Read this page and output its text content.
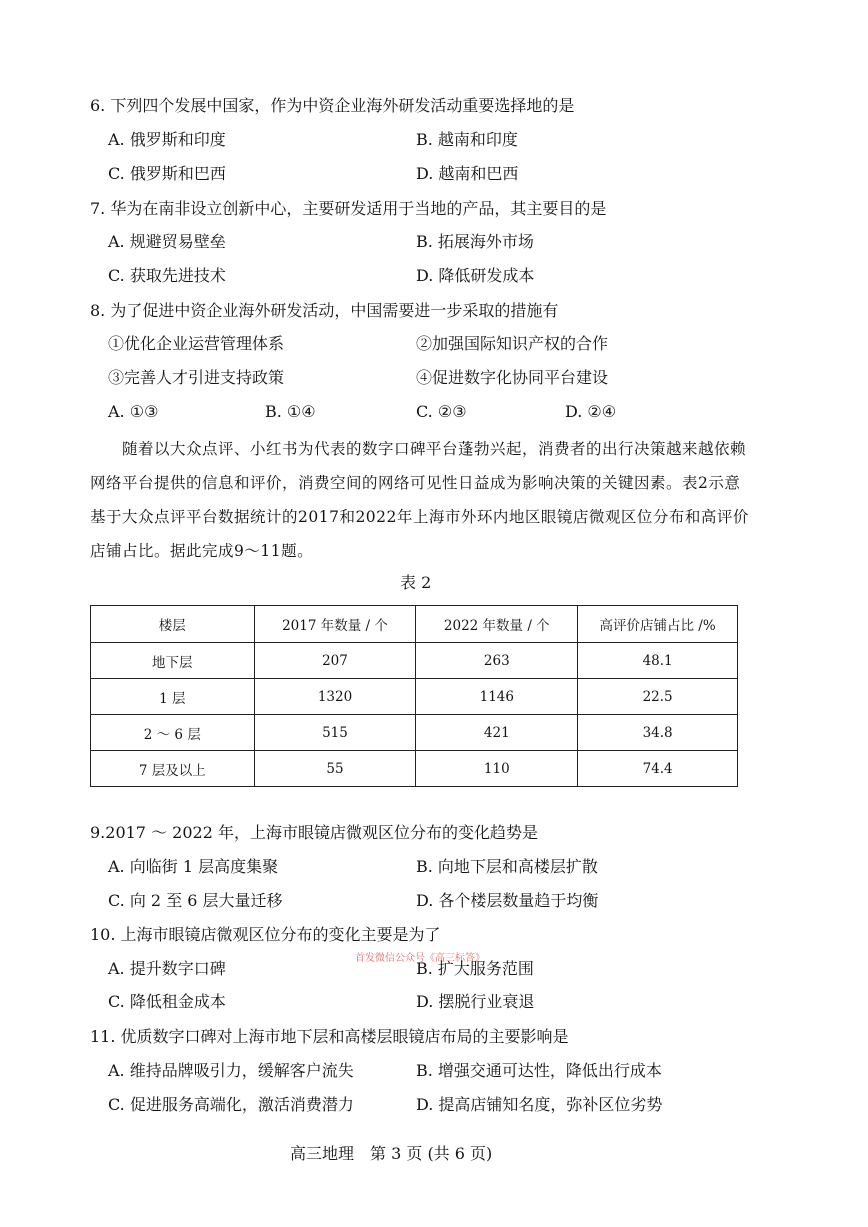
6. 下列四个发展中国家，作为中资企业海外研发活动重要选择地的是
A. 俄罗斯和印度	B. 越南和印度
C. 俄罗斯和巴西	D. 越南和巴西
7. 华为在南非设立创新中心，主要研发适用于当地的产品，其主要目的是
A. 规避贸易壁垒	B. 拓展海外市场
C. 获取先进技术	D. 降低研发成本
8. 为了促进中资企业海外研发活动，中国需要进一步采取的措施有
①优化企业运营管理体系	②加强国际知识产权的合作
③完善人才引进支持政策	④促进数字化协同平台建设
A. ①③	B. ①④	C. ②③	D. ②④
随着以大众点评、小红书为代表的数字口碑平台蓬勃兴起，消费者的出行决策越来越依赖网络平台提供的信息和评价，消费空间的网络可见性日益成为影响决策的关键因素。表2示意基于大众点评平台数据统计的2017和2022年上海市外环内地区眼镜店微观区位分布和高评价店铺占比。据此完成9～11题。
表 2
楼层	2017 年数量 / 个	2022 年数量 / 个	高评价店铺占比 /%
地下层	207	263	48.1
1 层	1320	1146	22.5
2 ～ 6 层	515	421	34.8
7 层及以上	55	110	74.4
9.2017 ～ 2022 年，上海市眼镜店微观区位分布的变化趋势是
A. 向临街 1 层高度集聚	B. 向地下层和高楼层扩散
C. 向 2 至 6 层大量迁移	D. 各个楼层数量趋于均衡
10. 上海市眼镜店微观区位分布的变化主要是为了
首发微信公众号《高三标答》
A. 提升数字口碑	B. 扩大服务范围
C. 降低租金成本	D. 摆脱行业衰退
11. 优质数字口碑对上海市地下层和高楼层眼镜店布局的主要影响是
A. 维持品牌吸引力，缓解客户流失	B. 增强交通可达性，降低出行成本
C. 促进服务高端化，激活消费潜力	D. 提高店铺知名度，弥补区位劣势
高三地理　第 3 页 (共 6 页)
